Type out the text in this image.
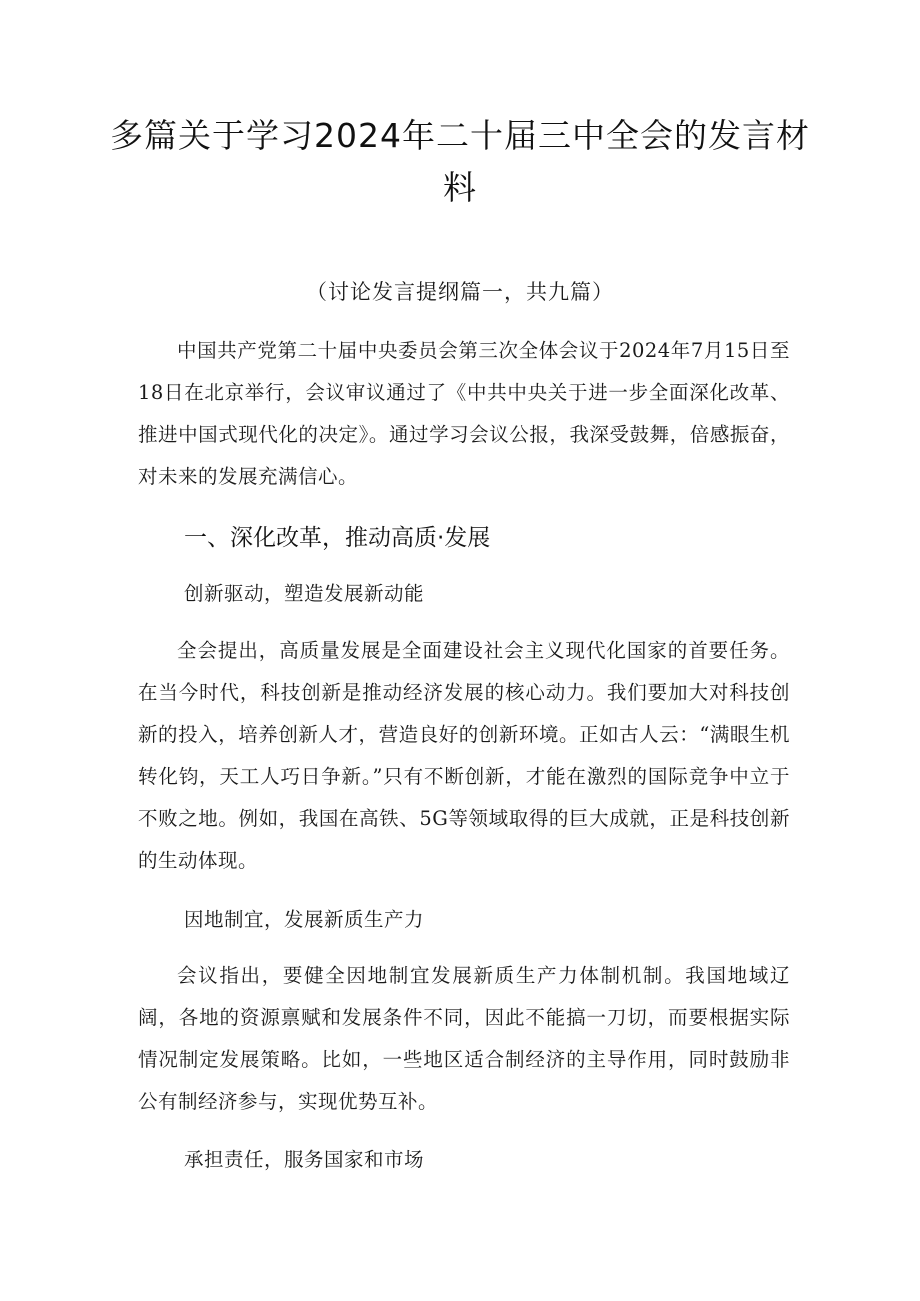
多篇关于学习2024年二十届三中全会的发言材料
（讨论发言提纲篇一，共九篇）

中国共产党第二十届中央委员会第三次全体会议于2024年7月15日至18日在北京举行，会议审议通过了《中共中央关于进一步全面深化改革、推进中国式现代化的决定》。通过学习会议公报，我深受鼓舞，倍感振奋，对未来的发展充满信心。

一、深化改革，推动高质·发展
创新驱动，塑造发展新动能

全会提出，高质量发展是全面建设社会主义现代化国家的首要任务。在当今时代，科技创新是推动经济发展的核心动力。我们要加大对科技创新的投入，培养创新人才，营造良好的创新环境。正如古人云：“满眼生机转化钧，天工人巧日争新。”只有不断创新，才能在激烈的国际竞争中立于不败之地。例如，我国在高铁、5G等领域取得的巨大成就，正是科技创新的生动体现。

因地制宜，发展新质生产力

会议指出，要健全因地制宜发展新质生产力体制机制。我国地域辽阔，各地的资源禀赋和发展条件不同，因此不能搞一刀切，而要根据实际情况制定发展策略。比如，一些地区适合制经济的主导作用，同时鼓励非公有制经济参与，实现优势互补。

承担责任，服务国家和市场
